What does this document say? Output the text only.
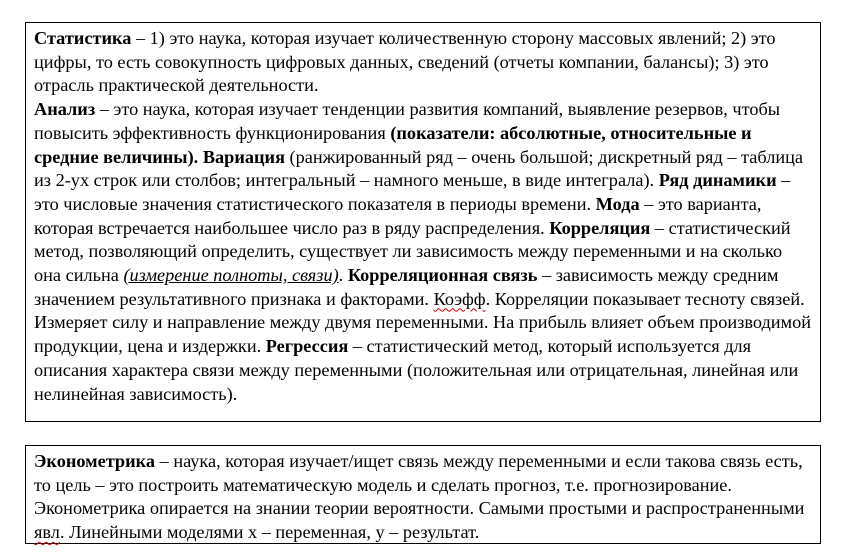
Статистика – 1) это наука, которая изучает количественную сторону массовых явлений; 2) это цифры, то есть совокупность цифровых данных, сведений (отчеты компании, балансы); 3) это отрасль практической деятельности.

Анализ – это наука, которая изучает тенденции развития компаний, выявление резервов, чтобы повысить эффективность функционирования (показатели: абсолютные, относительные и средние величины). Вариация (ранжированный ряд – очень большой; дискретный ряд – таблица из 2-ух строк или столбов; интегральный – намного меньше, в виде интеграла). Ряд динамики – это числовые значения статистического показателя в периоды времени. Мода – это варианта, которая встречается наибольшее число раз в ряду распределения. Корреляция – статистический метод, позволяющий определить, существует ли зависимость между переменными и на сколько она сильна (измерение полноты, связи). Корреляционная связь – зависимость между средним значением результативного признака и факторами. Коэфф. Корреляции показывает тесноту связей. Измеряет силу и направление между двумя переменными. На прибыль влияет объем производимой продукции, цена и издержки. Регрессия – статистический метод, который используется для описания характера связи между переменными (положительная или отрицательная, линейная или нелинейная зависимость).

Эконометрика – наука, которая изучает/ищет связь между переменными и если такова связь есть, то цель – это построить математическую модель и сделать прогноз, т.е. прогнозирование. Эконометрика опирается на знании теории вероятности. Самыми простыми и распространенными явл. Линейными моделями х – переменная, у – результат.
